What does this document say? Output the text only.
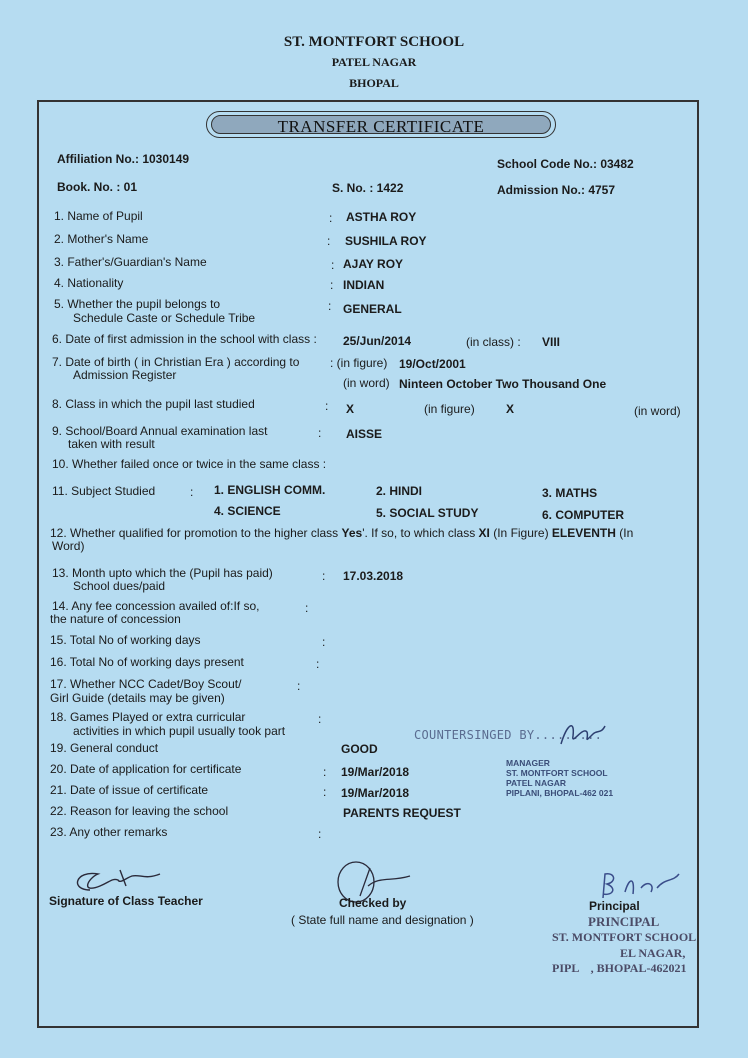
ST. MONTFORT SCHOOL
PATEL NAGAR
BHOPAL
TRANSFER CERTIFICATE
Affiliation No.: 1030149	School Code No.: 03482
Book. No. : 01	S. No. : 1422	Admission No.: 4757
1. Name of Pupil	: ASTHA ROY
2. Mother's Name	: SUSHILA ROY
3. Father's/Guardian's Name	: AJAY ROY
4. Nationality	: INDIAN
5. Whether the pupil belongs to
Schedule Caste or Schedule Tribe
: GENERAL
6. Date of first admission in the school with class : 25/Jun/2014	(in class) : VIII
7. Date of birth ( in Christian Era ) according to
Admission Register
: (in figure) 19/Oct/2001
(in word) Ninteen October Two Thousand One
8. Class in which the pupil last studied	: X	(in figure)	X	(in word)
9. School/Board Annual examination last
taken with result
: AISSE
10. Whether failed once or twice in the same class :
11. Subject Studied	: 1. ENGLISH COMM.	2. HINDI	3. MATHS
4. SCIENCE	5. SOCIAL STUDY	6. COMPUTER
12. Whether qualified for promotion to the higher class Yes'. If so, to which class XI (In Figure) ELEVENTH (In
Word)
13. Month upto which the (Pupil has paid)
School dues/paid
: 17.03.2018
14. Any fee concession availed of:If so,
the nature of concession
:
15. Total No of working days	:
16. Total No of working days present	:
17. Whether NCC Cadet/Boy Scout/
Girl Guide (details may be given)
:
18. Games Played or extra curricular
activities in which pupil usually took part
:
19. General conduct	GOOD
20. Date of application for certificate	: 19/Mar/2018
21. Date of issue of certificate	: 19/Mar/2018
22. Reason for leaving the school	PARENTS REQUEST
23. Any other remarks	:
COUNTERSINGED BY.........
MANAGER
ST. MONTFORT SCHOOL
PATEL NAGAR
PIPLANI, BHOPAL-462 021
Signature of Class Teacher	Checked by
( State full name and designation )
Principal
PRINCIPAL
ST. MONTFORT SCHOOL
EL NAGAR,
PIPL    , BHOPAL-462021
